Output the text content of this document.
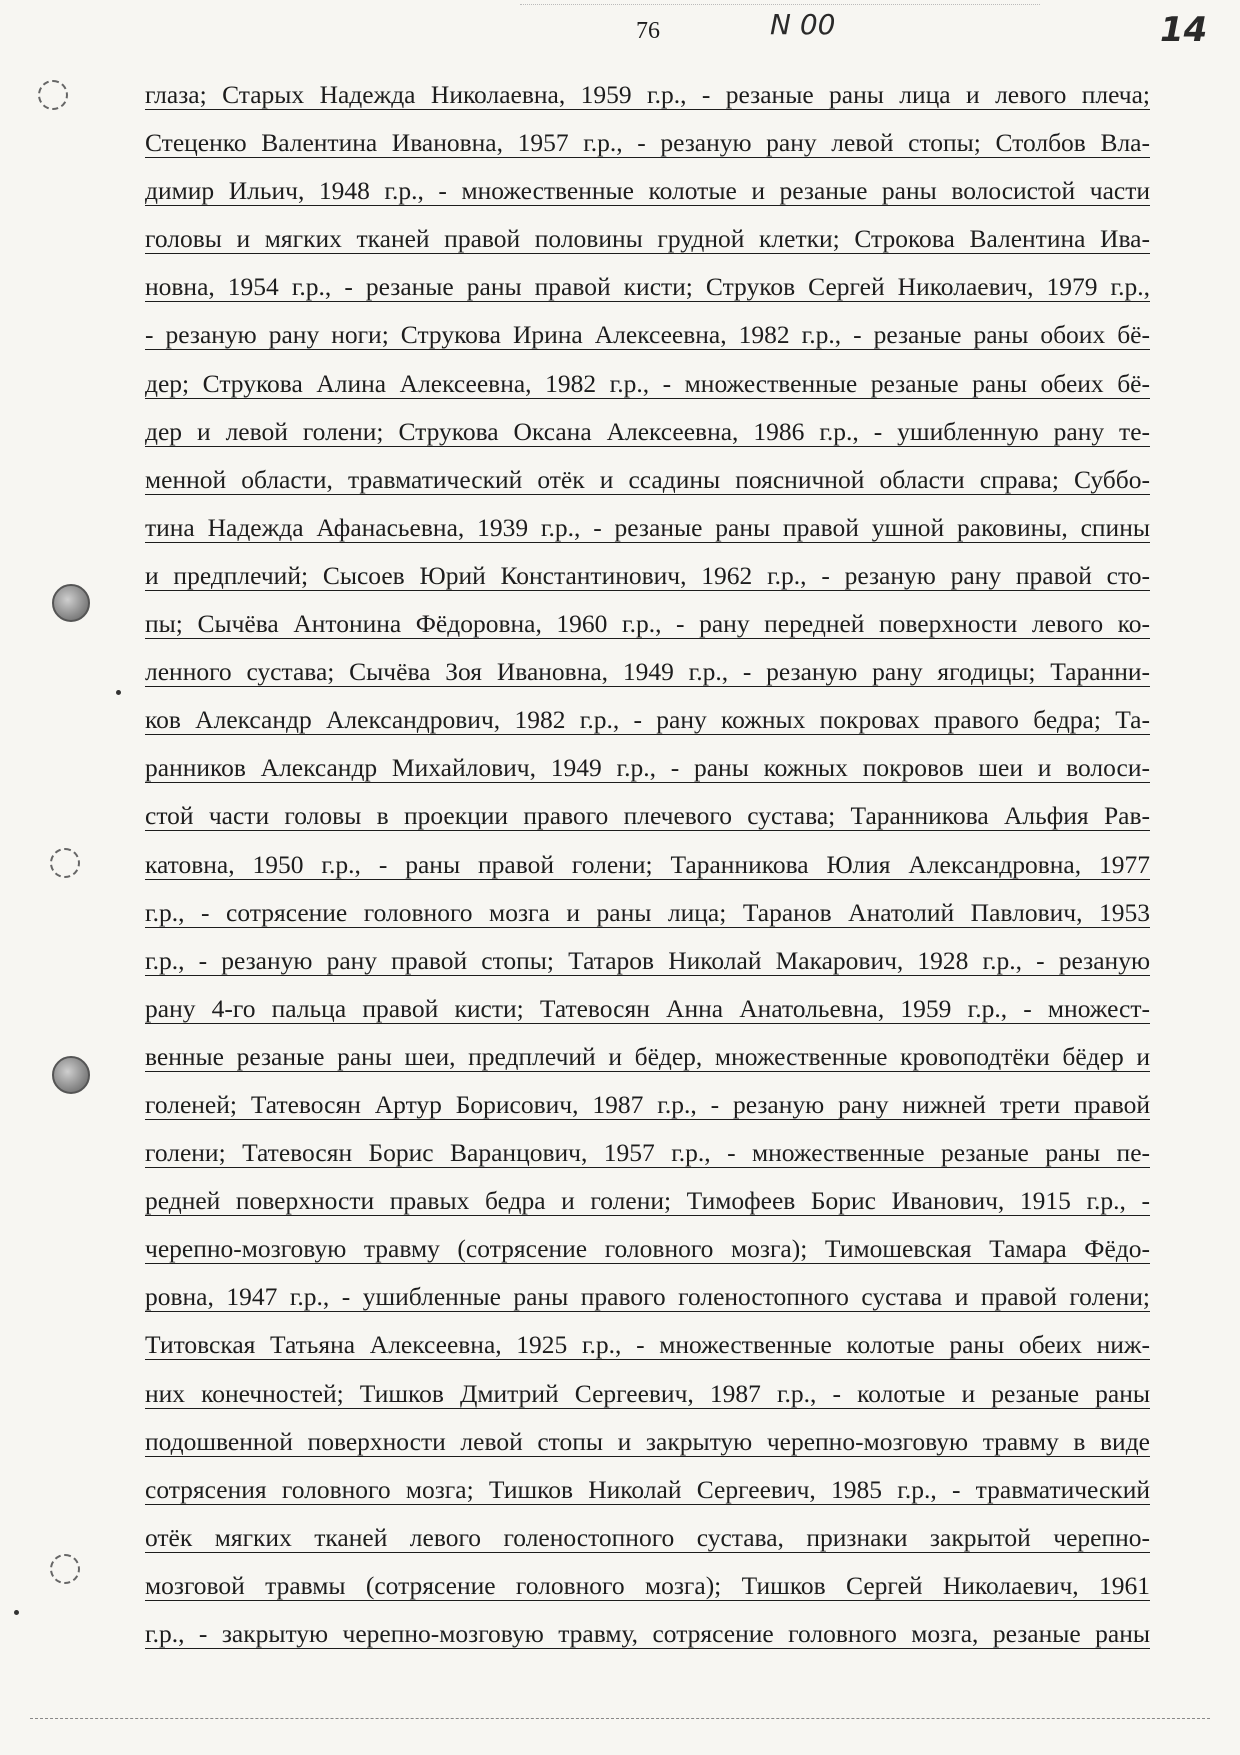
76	N 00	14
глаза; Старых Надежда Николаевна, 1959 г.р., - резаные раны лица и левого плеча;
Стеценко Валентина Ивановна, 1957 г.р., - резаную рану левой стопы; Столбов Вла-
димир Ильич, 1948 г.р., - множественные колотые и резаные раны волосистой части
головы и мягких тканей правой половины грудной клетки; Строкова Валентина Ива-
новна, 1954 г.р., - резаные раны правой кисти; Струков Сергей Николаевич, 1979 г.р.,
- резаную рану ноги; Струкова Ирина Алексеевна, 1982 г.р., - резаные раны обоих бё-
дер; Струкова Алина Алексеевна, 1982 г.р., - множественные резаные раны обеих бё-
дер и левой голени; Струкова Оксана Алексеевна, 1986 г.р., - ушибленную рану те-
менной области, травматический отёк и ссадины поясничной области справа; Суббо-
тина Надежда Афанасьевна, 1939 г.р., - резаные раны правой ушной раковины, спины
и предплечий; Сысоев Юрий Константинович, 1962 г.р., - резаную рану правой сто-
пы; Сычёва Антонина Фёдоровна, 1960 г.р., - рану передней поверхности левого ко-
ленного сустава; Сычёва Зоя Ивановна, 1949 г.р., - резаную рану ягодицы; Таранни-
ков Александр Александрович, 1982 г.р., - рану кожных покровах правого бедра; Та-
ранников Александр Михайлович, 1949 г.р., - раны кожных покровов шеи и волоси-
стой части головы в проекции правого плечевого сустава; Таранникова Альфия Рав-
катовна, 1950 г.р., - раны правой голени; Таранникова Юлия Александровна, 1977
г.р., - сотрясение головного мозга и раны лица; Таранов Анатолий Павлович, 1953
г.р., - резаную рану правой стопы; Татаров Николай Макарович, 1928 г.р., - резаную
рану 4-го пальца правой кисти; Татевосян Анна Анатольевна, 1959 г.р., - множест-
венные резаные раны шеи, предплечий и бёдер, множественные кровоподтёки бёдер и
голеней; Татевосян Артур Борисович, 1987 г.р., - резаную рану нижней трети правой
голени; Татевосян Борис Варанцович, 1957 г.р., - множественные резаные раны пе-
редней поверхности правых бедра и голени; Тимофеев Борис Иванович, 1915 г.р., -
черепно-мозговую травму (сотрясение головного мозга); Тимошевская Тамара Фёдо-
ровна, 1947 г.р., - ушибленные раны правого голеностопного сустава и правой голени;
Титовская Татьяна Алексеевна, 1925 г.р., - множественные колотые раны обеих ниж-
них конечностей; Тишков Дмитрий Сергеевич, 1987 г.р., - колотые и резаные раны
подошвенной поверхности левой стопы и закрытую черепно-мозговую травму в виде
сотрясения головного мозга; Тишков Николай Сергеевич, 1985 г.р., - травматический
отёк мягких тканей левого голеностопного сустава, признаки закрытой черепно-
мозговой травмы (сотрясение головного мозга); Тишков Сергей Николаевич, 1961
г.р., - закрытую черепно-мозговую травму, сотрясение головного мозга, резаные раны
